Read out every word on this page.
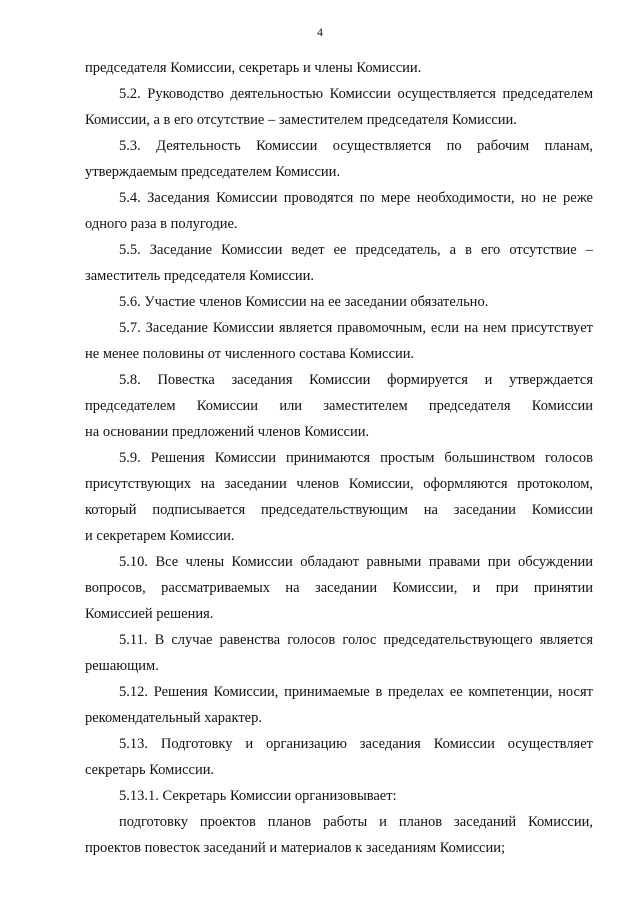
4
председателя Комиссии, секретарь и члены Комиссии.
5.2. Руководство деятельностью Комиссии осуществляется председателем
Комиссии, а в его отсутствие – заместителем председателя Комиссии.
5.3. Деятельность Комиссии осуществляется по рабочим планам,
утверждаемым председателем Комиссии.
5.4. Заседания Комиссии проводятся по мере необходимости, но не реже
одного раза в полугодие.
5.5. Заседание Комиссии ведет ее председатель, а в его отсутствие –
заместитель председателя Комиссии.
5.6. Участие членов Комиссии на ее заседании обязательно.
5.7. Заседание Комиссии является правомочным, если на нем присутствует
не менее половины от численного состава Комиссии.
5.8. Повестка заседания Комиссии формируется и утверждается
председателем Комиссии или заместителем председателя Комиссии
на основании предложений членов Комиссии.
5.9. Решения Комиссии принимаются простым большинством голосов
присутствующих на заседании членов Комиссии, оформляются протоколом,
который подписывается председательствующим на заседании Комиссии
и секретарем Комиссии.
5.10. Все члены Комиссии обладают равными правами при обсуждении
вопросов, рассматриваемых на заседании Комиссии, и при принятии
Комиссией решения.
5.11. В случае равенства голосов голос председательствующего является
решающим.
5.12. Решения Комиссии, принимаемые в пределах ее компетенции, носят
рекомендательный характер.
5.13. Подготовку и организацию заседания Комиссии осуществляет
секретарь Комиссии.
5.13.1. Секретарь Комиссии организовывает:
подготовку проектов планов работы и планов заседаний Комиссии,
проектов повесток заседаний и материалов к заседаниям Комиссии;
